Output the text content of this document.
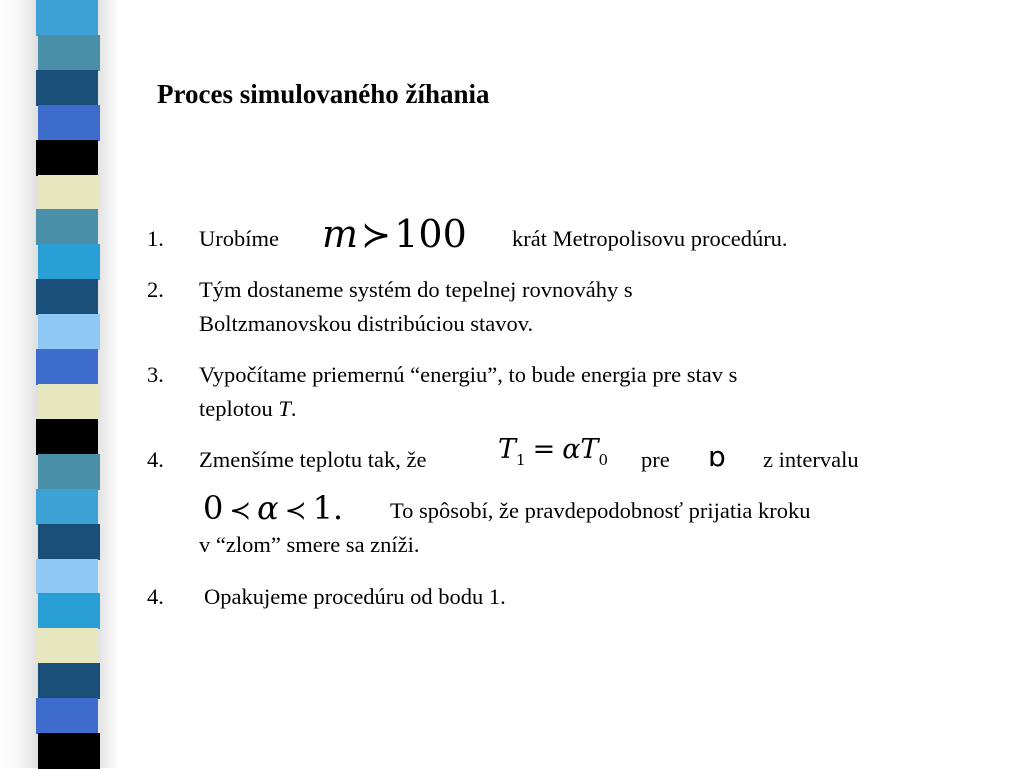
Proces simulovaného žíhania
1. Urobíme m≻100 krát Metropolisovu procedúru.
2. Tým dostaneme systém do tepelnej rovnováhy s
Boltzmanovskou distribúciou stavov.
3. Vypočítame priemernú “energiu”, to bude energia pre stav s
teplotou T.
4. Zmenšíme teplotu tak, že	$T_1 = \alpha T_0$ pre ɒ z intervalu
0 ≺ α ≺ 1. To spôsobí, že pravdepodobnosť prijatia kroku
v “zlom” smere sa zníži.
4. Opakujeme procedúru od bodu 1.
